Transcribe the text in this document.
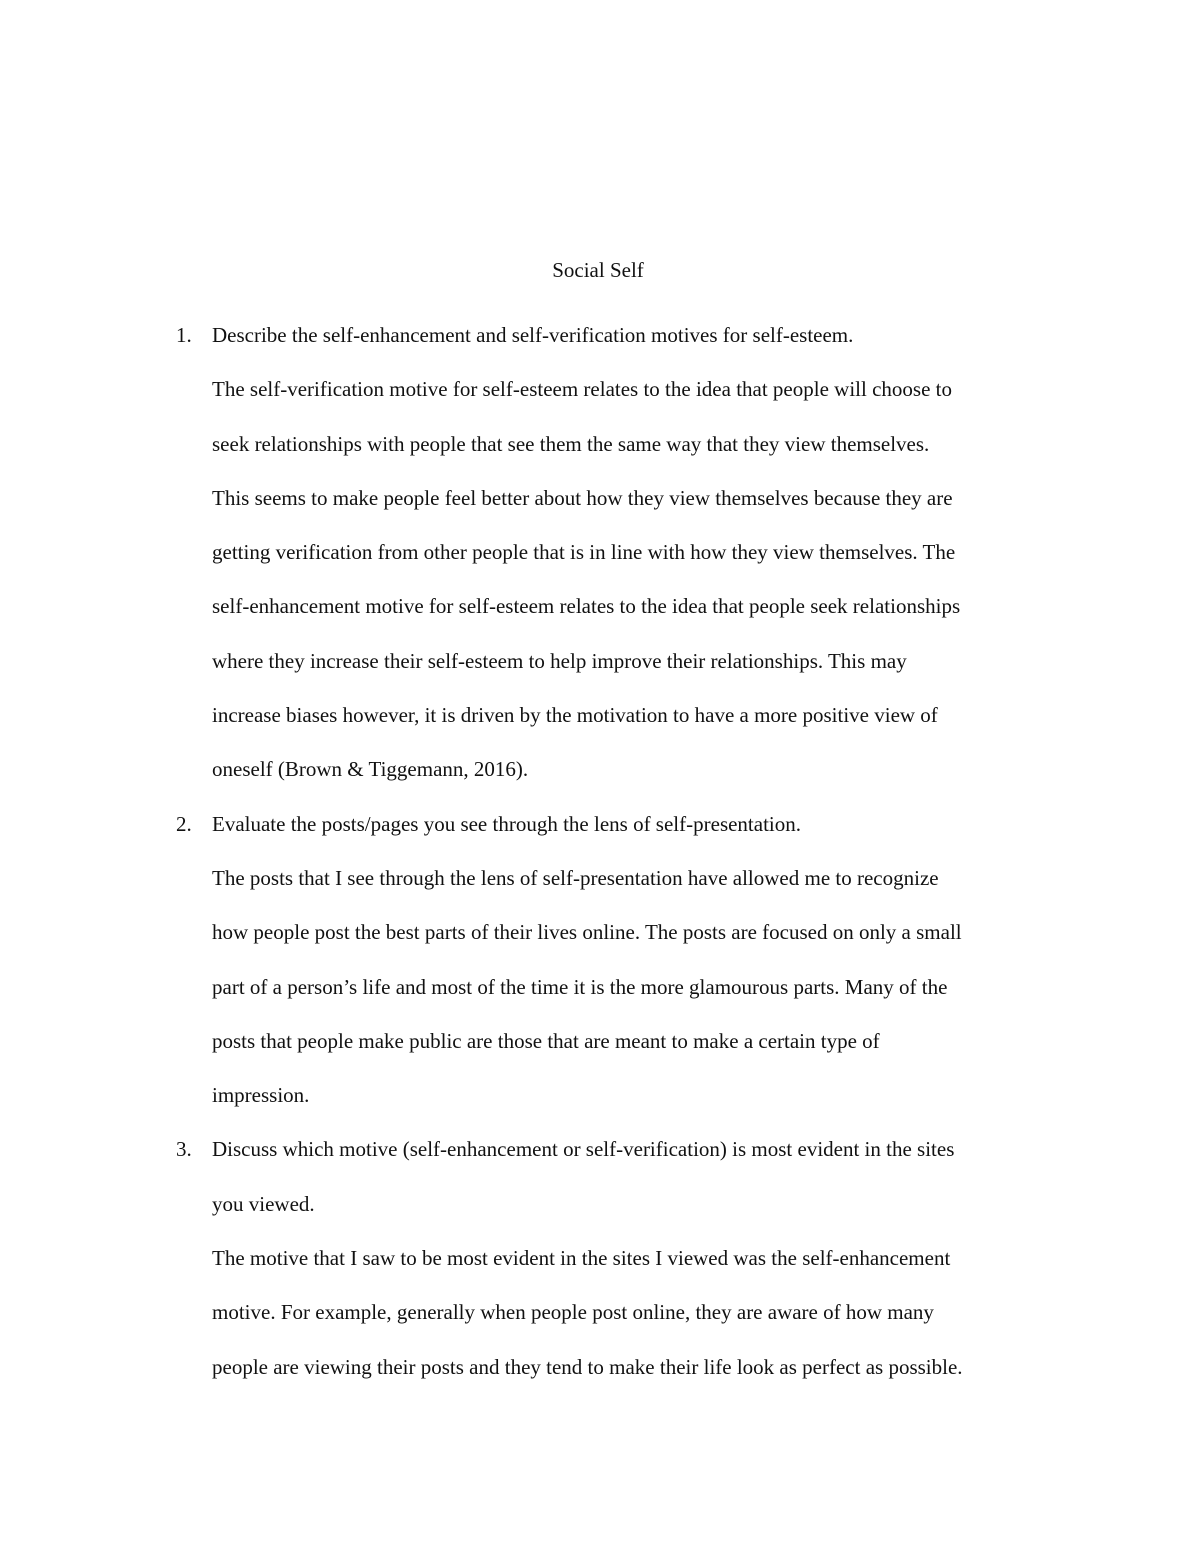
Social Self
1. Describe the self-enhancement and self-verification motives for self-esteem.
The self-verification motive for self-esteem relates to the idea that people will choose to
seek relationships with people that see them the same way that they view themselves.
This seems to make people feel better about how they view themselves because they are
getting verification from other people that is in line with how they view themselves. The
self-enhancement motive for self-esteem relates to the idea that people seek relationships
where they increase their self-esteem to help improve their relationships. This may
increase biases however, it is driven by the motivation to have a more positive view of
oneself (Brown & Tiggemann, 2016).
2. Evaluate the posts/pages you see through the lens of self-presentation.
The posts that I see through the lens of self-presentation have allowed me to recognize
how people post the best parts of their lives online. The posts are focused on only a small
part of a person’s life and most of the time it is the more glamourous parts. Many of the
posts that people make public are those that are meant to make a certain type of
impression.
3. Discuss which motive (self-enhancement or self-verification) is most evident in the sites
you viewed.
The motive that I saw to be most evident in the sites I viewed was the self-enhancement
motive. For example, generally when people post online, they are aware of how many
people are viewing their posts and they tend to make their life look as perfect as possible.
